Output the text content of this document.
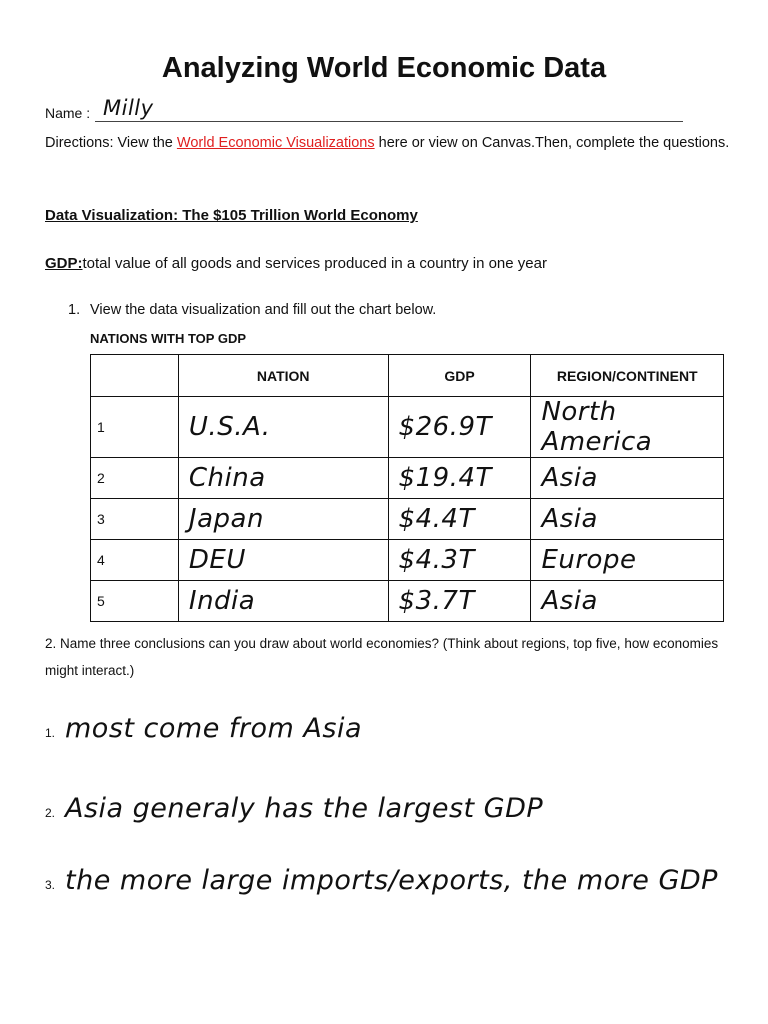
Analyzing World Economic Data
Name : Milly
Directions: View the World Economic Visualizations here or view on Canvas.Then, complete the questions.
Data Visualization: The $105 Trillion World Economy
GDP:total value of all goods and services produced in a country in one year
1. View the data visualization and fill out the chart below.
NATIONS WITH TOP GDP
	NATION	GDP	REGION/CONTINENT
1	U.S.A.	$26.9T	North America
2	China	$19.4T	Asia
3	Japan	$4.4T	Asia
4	DEU	$4.3T	Europe
5	India	$3.7T	Asia
2. Name three conclusions can you draw about world economies? (Think about regions, top five, how economies might interact.)
1. most come from Asia
2. Asia generaly has the largest GDP
3. the more large imports/exports, the more GDP
